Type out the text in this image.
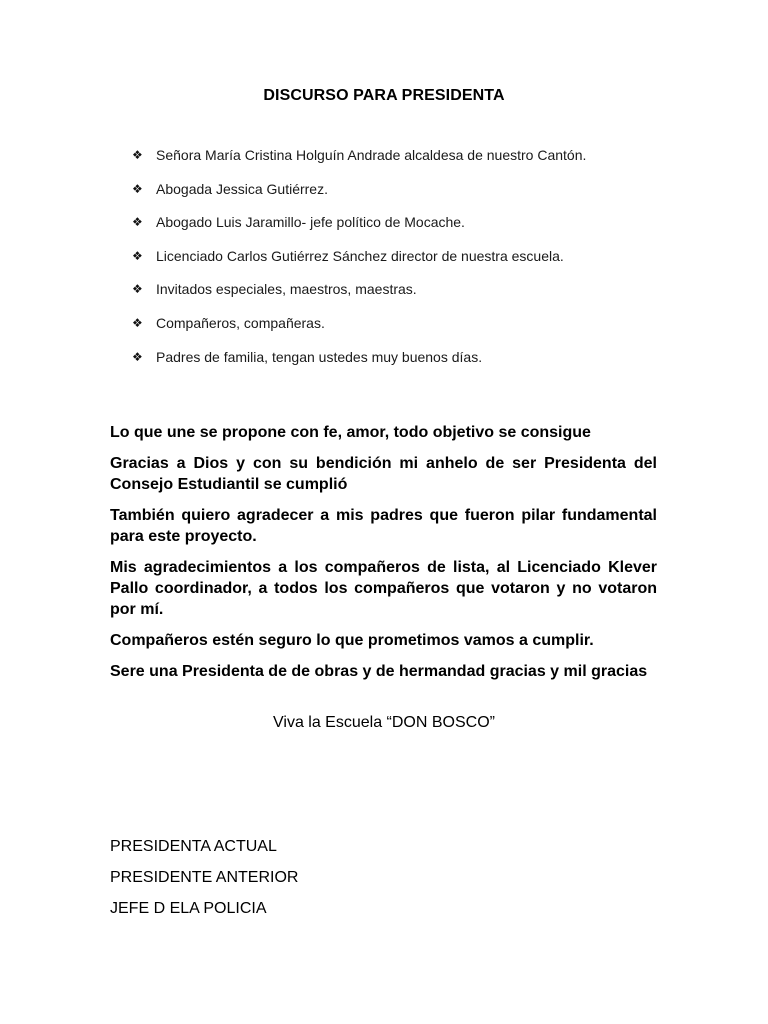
DISCURSO PARA PRESIDENTA
❖ Señora María Cristina Holguín Andrade alcaldesa de nuestro Cantón.
❖ Abogada Jessica Gutiérrez.
❖ Abogado Luis Jaramillo- jefe político de Mocache.
❖ Licenciado Carlos Gutiérrez Sánchez director de nuestra escuela.
❖ Invitados especiales, maestros, maestras.
❖ Compañeros, compañeras.
❖ Padres de familia, tengan ustedes muy buenos días.

Lo que une se propone con fe, amor, todo objetivo se consigue

Gracias a Dios y con su bendición mi anhelo de ser Presidenta del Consejo Estudiantil se cumplió

También quiero agradecer a mis padres que fueron pilar fundamental para este proyecto.

Mis agradecimientos a los compañeros de lista, al Licenciado Klever Pallo coordinador, a todos los compañeros que votaron y no votaron por mí.

Compañeros estén seguro lo que prometimos vamos a cumplir.

Sere una Presidenta de de obras y de hermandad gracias y mil gracias

Viva la Escuela “DON BOSCO”
PRESIDENTA ACTUAL
PRESIDENTE ANTERIOR
JEFE D ELA POLICIA
